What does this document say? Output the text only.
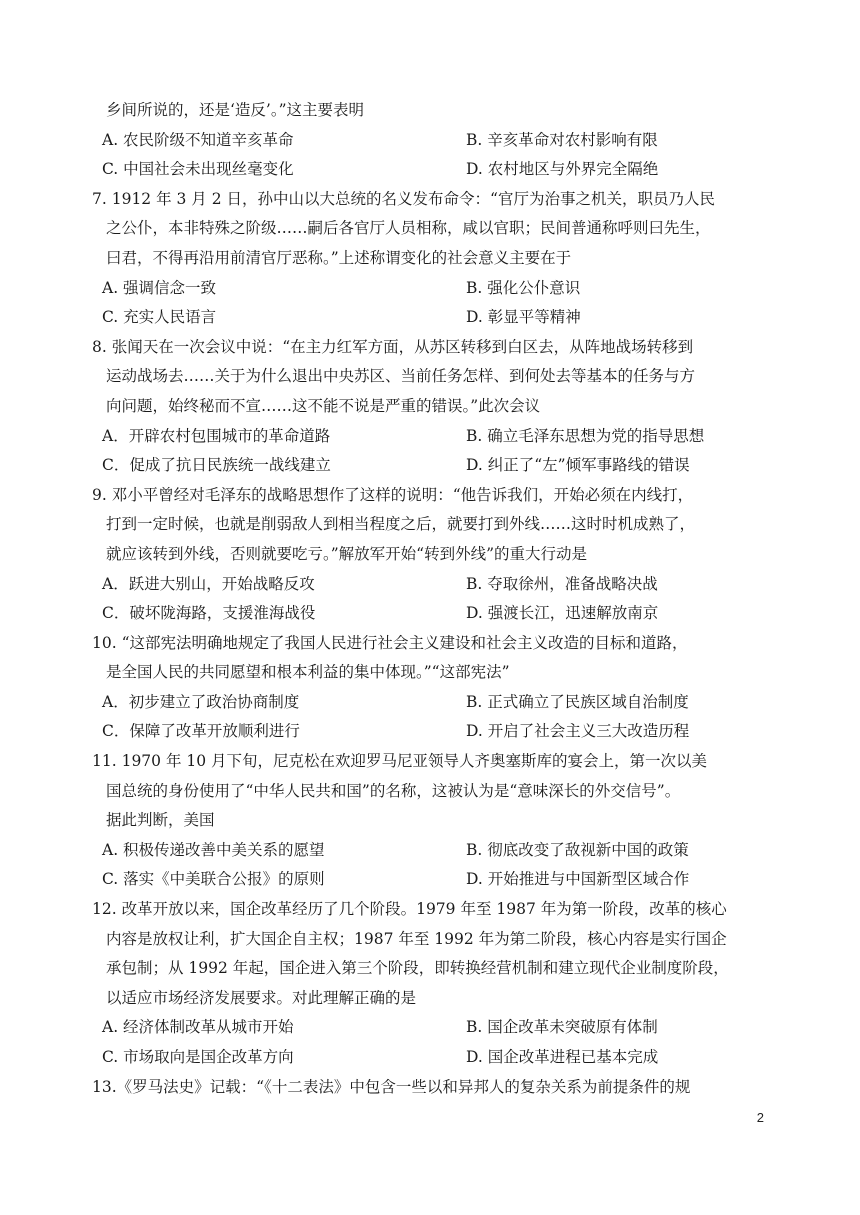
乡间所说的，还是‘造反’。”这主要表明
A. 农民阶级不知道辛亥革命	B. 辛亥革命对农村影响有限
C. 中国社会未出现丝毫变化	D. 农村地区与外界完全隔绝
7. 1912 年 3 月 2 日，孙中山以大总统的名义发布命令：“官厅为治事之机关，职员乃人民
之公仆，本非特殊之阶级……嗣后各官厅人员相称，咸以官职；民间普通称呼则曰先生，
曰君，不得再沿用前清官厅恶称。”上述称谓变化的社会意义主要在于
A. 强调信念一致	B. 强化公仆意识
C. 充实人民语言	D. 彰显平等精神
8. 张闻天在一次会议中说：“在主力红军方面，从苏区转移到白区去，从阵地战场转移到
运动战场去……关于为什么退出中央苏区、当前任务怎样、到何处去等基本的任务与方
向问题，始终秘而不宣……这不能不说是严重的错误。”此次会议
A．开辟农村包围城市的革命道路	B. 确立毛泽东思想为党的指导思想
C．促成了抗日民族统一战线建立	D. 纠正了“左”倾军事路线的错误
9. 邓小平曾经对毛泽东的战略思想作了这样的说明：“他告诉我们，开始必须在内线打，
打到一定时候，也就是削弱敌人到相当程度之后，就要打到外线……这时时机成熟了，
就应该转到外线，否则就要吃亏。”解放军开始“转到外线”的重大行动是
A．跃进大别山，开始战略反攻	B. 夺取徐州，准备战略决战
C．破坏陇海路，支援淮海战役	D. 强渡长江，迅速解放南京
10. “这部宪法明确地规定了我国人民进行社会主义建设和社会主义改造的目标和道路，
是全国人民的共同愿望和根本利益的集中体现。”“这部宪法”
A．初步建立了政治协商制度	B. 正式确立了民族区域自治制度
C．保障了改革开放顺利进行	D. 开启了社会主义三大改造历程
11. 1970 年 10 月下旬，尼克松在欢迎罗马尼亚领导人齐奥塞斯库的宴会上，第一次以美
国总统的身份使用了“中华人民共和国”的名称，这被认为是“意味深长的外交信号”。
据此判断，美国
A. 积极传递改善中美关系的愿望	B. 彻底改变了敌视新中国的政策
C. 落实《中美联合公报》的原则	D. 开始推进与中国新型区域合作
12. 改革开放以来，国企改革经历了几个阶段。1979 年至 1987 年为第一阶段，改革的核心
内容是放权让利，扩大国企自主权；1987 年至 1992 年为第二阶段，核心内容是实行国企
承包制；从 1992 年起，国企进入第三个阶段，即转换经营机制和建立现代企业制度阶段，
以适应市场经济发展要求。对此理解正确的是
A. 经济体制改革从城市开始	B. 国企改革未突破原有体制
C. 市场取向是国企改革方向	D. 国企改革进程已基本完成
13.《罗马法史》记载：“《十二表法》中包含一些以和异邦人的复杂关系为前提条件的规
2
